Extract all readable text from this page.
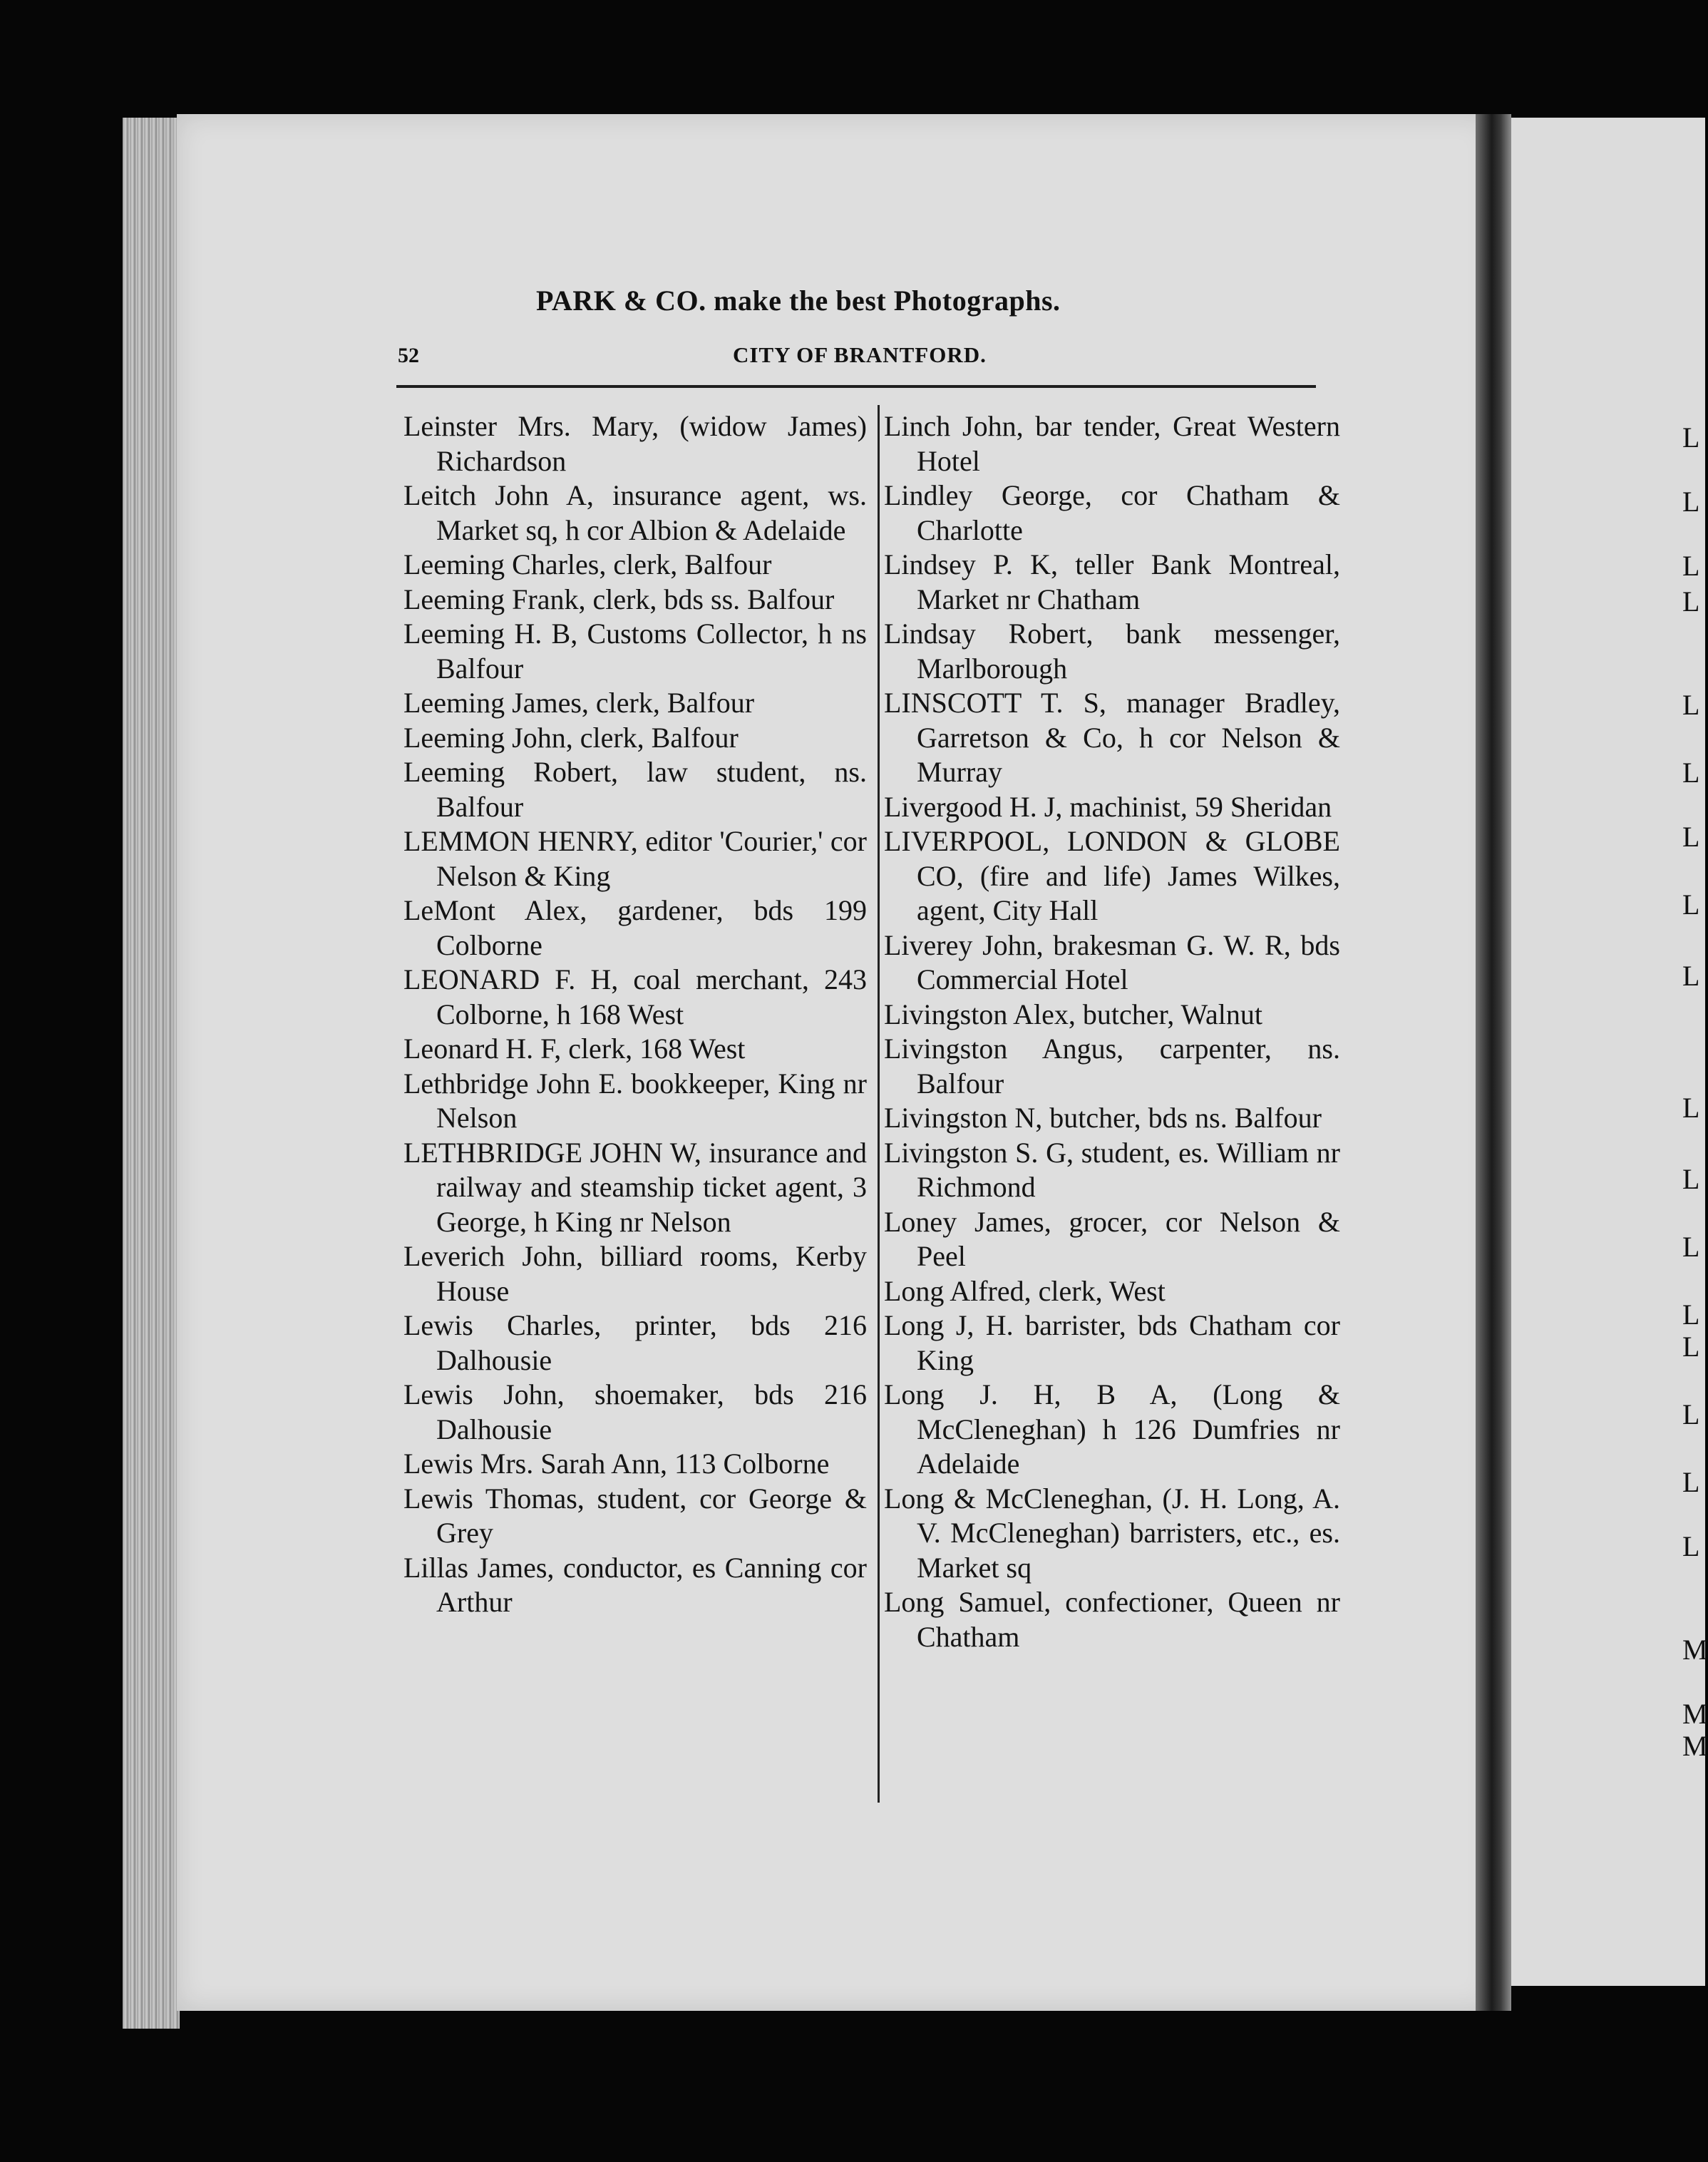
L
L
L
L
L
L
L
L
L
L
L
L
L
L
L
L
L
M
M
M
PARK & CO. make the best Photographs.
52	CITY OF BRANTFORD.
Leinster Mrs. Mary, (widow James) Richardson
Leitch John A, insurance agent, ws. Market sq, h cor Albion & Adelaide
Leeming Charles, clerk, Balfour
Leeming Frank, clerk, bds ss. Balfour
Leeming H. B, Customs Collector, h ns Balfour
Leeming James, clerk, Balfour
Leeming John, clerk, Balfour
Leeming Robert, law student, ns. Balfour
LEMMON HENRY, editor 'Courier,' cor Nelson & King
LeMont Alex, gardener, bds 199 Colborne
LEONARD F. H, coal merchant, 243 Colborne, h 168 West
Leonard H. F, clerk, 168 West
Lethbridge John E. bookkeeper, King nr Nelson
LETHBRIDGE JOHN W, insurance and railway and steamship ticket agent, 3 George, h King nr Nelson
Leverich John, billiard rooms, Kerby House
Lewis Charles, printer, bds 216 Dalhousie
Lewis John, shoemaker, bds 216 Dalhousie
Lewis Mrs. Sarah Ann, 113 Colborne
Lewis Thomas, student, cor George & Grey
Lillas James, conductor, es Canning cor Arthur
Linch John, bar tender, Great Western Hotel
Lindley George, cor Chatham & Charlotte
Lindsey P. K, teller Bank Montreal, Market nr Chatham
Lindsay Robert, bank messenger, Marlborough
LINSCOTT T. S, manager Bradley, Garretson & Co, h cor Nelson & Murray
Livergood H. J, machinist, 59 Sheridan
LIVERPOOL, LONDON & GLOBE CO, (fire and life) James Wilkes, agent, City Hall
Liverey John, brakesman G. W. R, bds Commercial Hotel
Livingston Alex, butcher, Walnut
Livingston Angus, carpenter, ns. Balfour
Livingston N, butcher, bds ns. Balfour
Livingston S. G, student, es. William nr Richmond
Loney James, grocer, cor Nelson & Peel
Long Alfred, clerk, West
Long J, H. barrister, bds Chatham cor King
Long J. H, B A, (Long & McCleneghan) h 126 Dumfries nr Adelaide
Long & McCleneghan, (J. H. Long, A. V. McCleneghan) barristers, etc., es. Market sq
Long Samuel, confectioner, Queen nr Chatham
